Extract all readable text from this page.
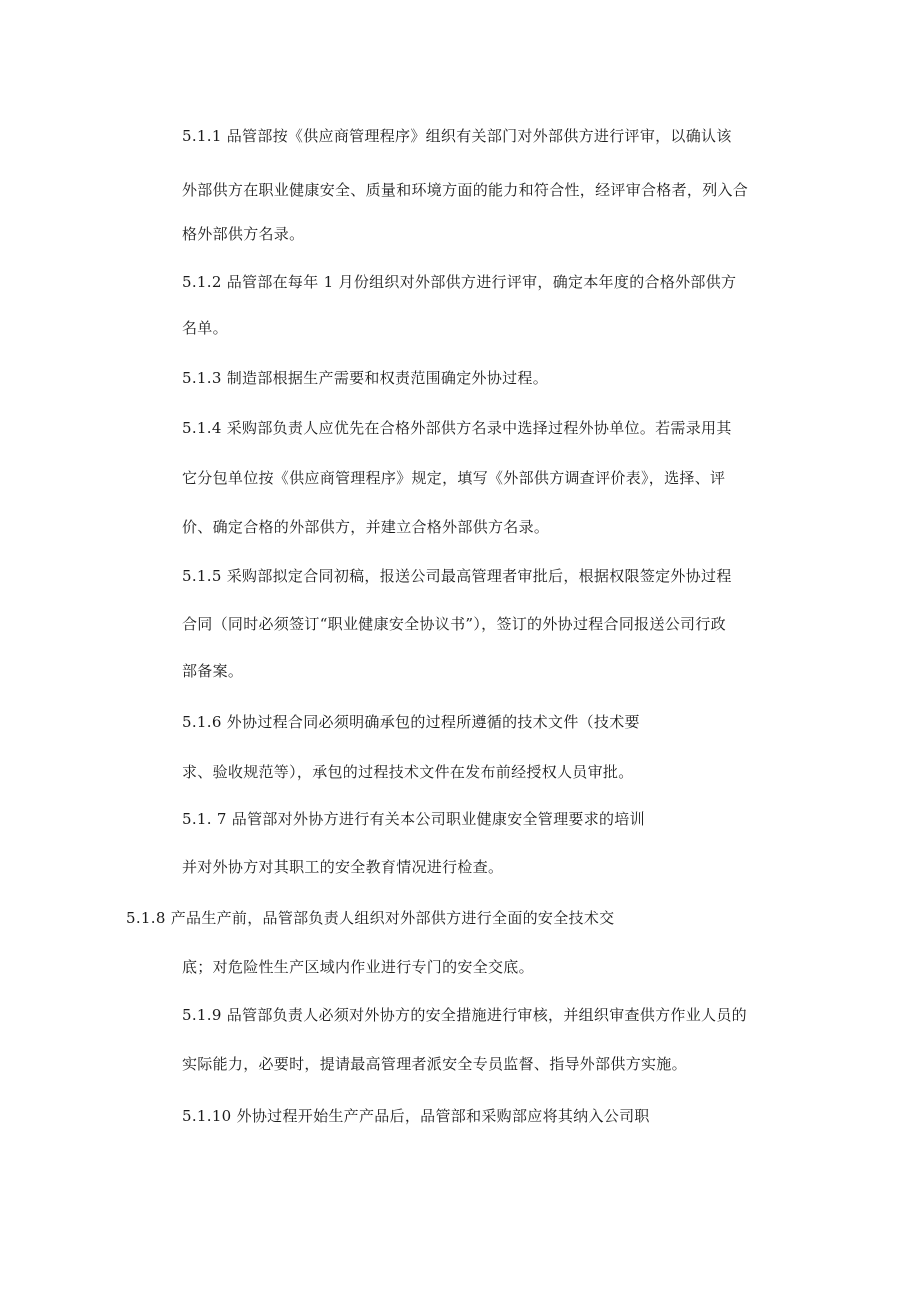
5.1.1 品管部按《供应商管理程序》组织有关部门对外部供方进行评审，以确认该
外部供方在职业健康安全、质量和环境方面的能力和符合性，经评审合格者，列入合
格外部供方名录。
5.1.2 品管部在每年 1 月份组织对外部供方进行评审，确定本年度的合格外部供方
名单。
5.1.3 制造部根据生产需要和权责范围确定外协过程。
5.1.4 采购部负责人应优先在合格外部供方名录中选择过程外协单位。若需录用其
它分包单位按《供应商管理程序》规定，填写《外部供方调查评价表》，选择、评
价、确定合格的外部供方，并建立合格外部供方名录。
5.1.5 采购部拟定合同初稿，报送公司最高管理者审批后，根据权限签定外协过程
合同（同时必须签订“职业健康安全协议书”），签订的外协过程合同报送公司行政
部备案。
5.1.6 外协过程合同必须明确承包的过程所遵循的技术文件（技术要
求、验收规范等），承包的过程技术文件在发布前经授权人员审批。
5.1. 7 品管部对外协方进行有关本公司职业健康安全管理要求的培训
并对外协方对其职工的安全教育情况进行检查。
5.1.8 产品生产前，品管部负责人组织对外部供方进行全面的安全技术交
底；对危险性生产区域内作业进行专门的安全交底。
5.1.9 品管部负责人必须对外协方的安全措施进行审核，并组织审查供方作业人员的
实际能力，必要时，提请最高管理者派安全专员监督、指导外部供方实施。
5.1.10 外协过程开始生产产品后，品管部和采购部应将其纳入公司职
